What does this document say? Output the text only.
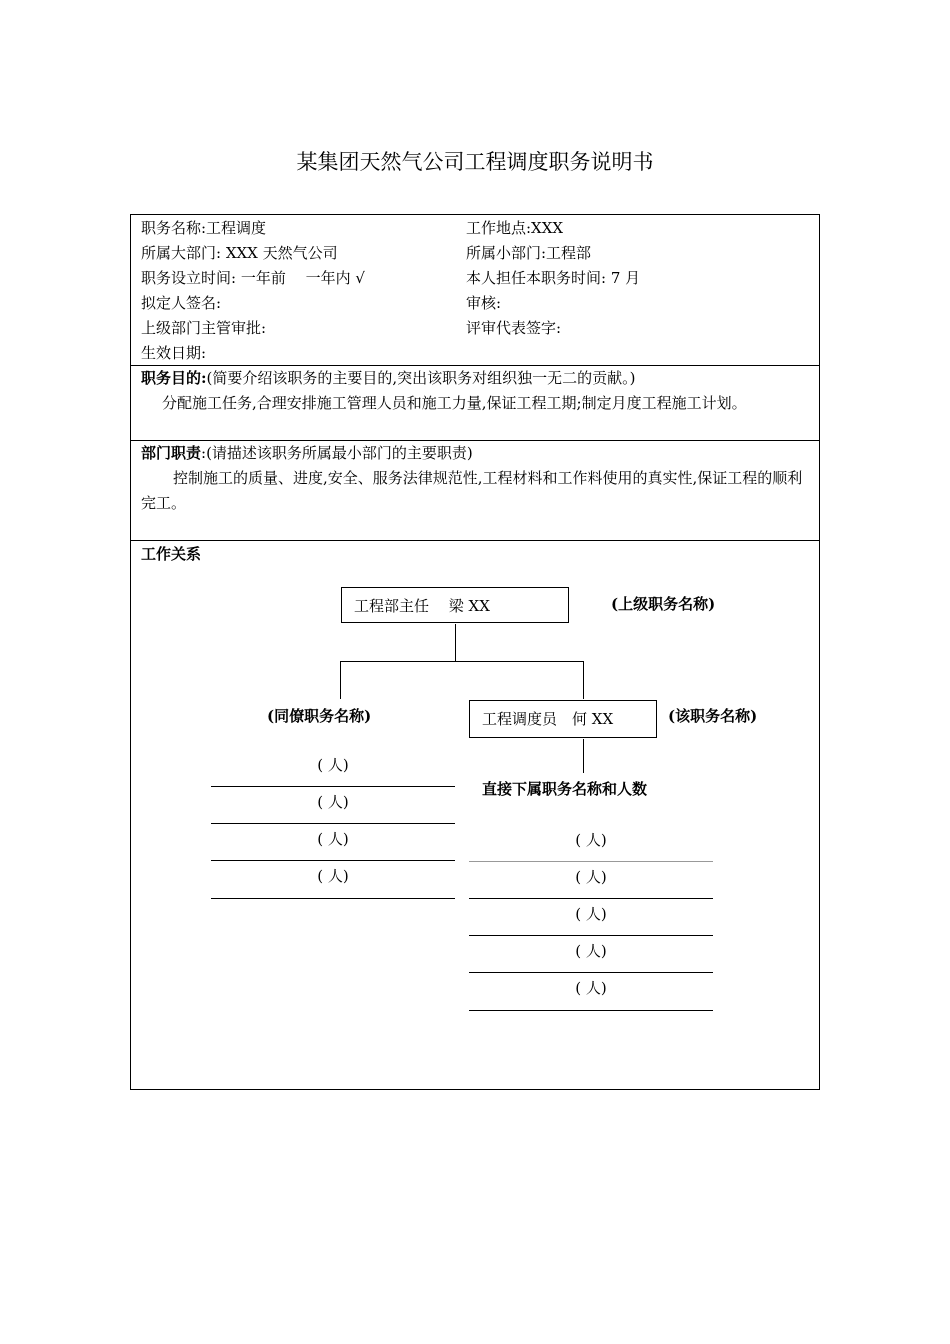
某集团天然气公司工程调度职务说明书
职务名称:工程调度	工作地点:XXX
所属大部门: XXX 天然气公司	所属小部门:工程部
职务设立时间: 一年前　 一年内 √	本人担任本职务时间: 7 月
拟定人签名:	审核:
上级部门主管审批:	评审代表签字:
生效日期:
职务目的:(简要介绍该职务的主要目的,突出该职务对组织独一无二的贡献。)
分配施工任务,合理安排施工管理人员和施工力量,保证工程工期;制定月度工程施工计划。
部门职责:(请描述该职务所属最小部门的主要职责)
控制施工的质量、进度,安全、服务法律规范性,工程材料和工作料使用的真实性,保证工程的顺利完工。
工作关系
工程部主任　 梁 XX	(上级职务名称)
(同僚职务名称)	工程调度员　何 XX	(该职务名称)
直接下属职务名称和人数
( 人)
( 人)
( 人)
( 人)
( 人)
( 人)
( 人)
( 人)
( 人)
